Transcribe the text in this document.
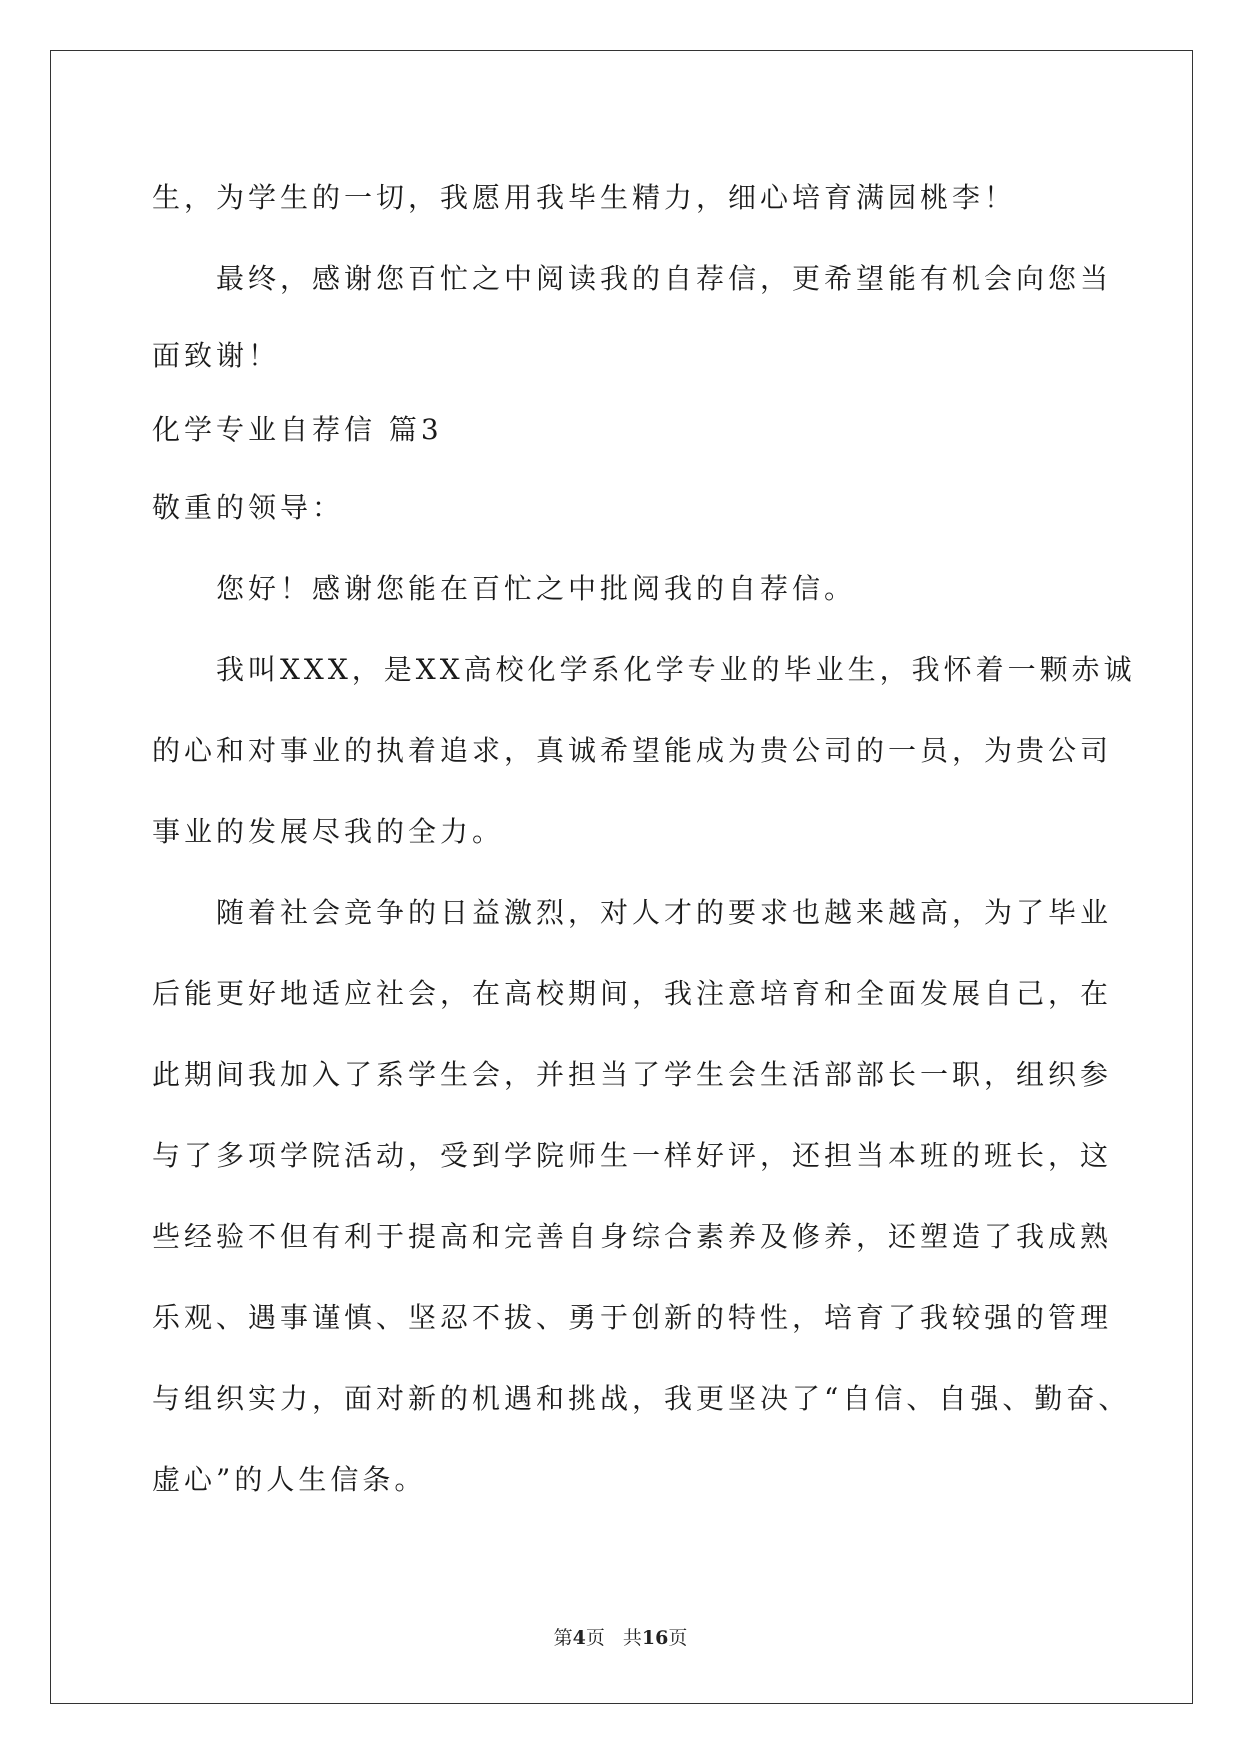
生，为学生的一切，我愿用我毕生精力，细心培育满园桃李！

最终，感谢您百忙之中阅读我的自荐信，更希望能有机会向您当

面致谢！

化学专业自荐信 篇3

敬重的领导：

您好！感谢您能在百忙之中批阅我的自荐信。

我叫XXX，是XX高校化学系化学专业的毕业生，我怀着一颗赤诚

的心和对事业的执着追求，真诚希望能成为贵公司的一员，为贵公司

事业的发展尽我的全力。

随着社会竞争的日益激烈，对人才的要求也越来越高，为了毕业

后能更好地适应社会，在高校期间，我注意培育和全面发展自己，在

此期间我加入了系学生会，并担当了学生会生活部部长一职，组织参

与了多项学院活动，受到学院师生一样好评，还担当本班的班长，这

些经验不但有利于提高和完善自身综合素养及修养，还塑造了我成熟

乐观、遇事谨慎、坚忍不拔、勇于创新的特性，培育了我较强的管理

与组织实力，面对新的机遇和挑战，我更坚决了“自信、自强、勤奋、

虚心”的人生信条。

第4页 共16页
